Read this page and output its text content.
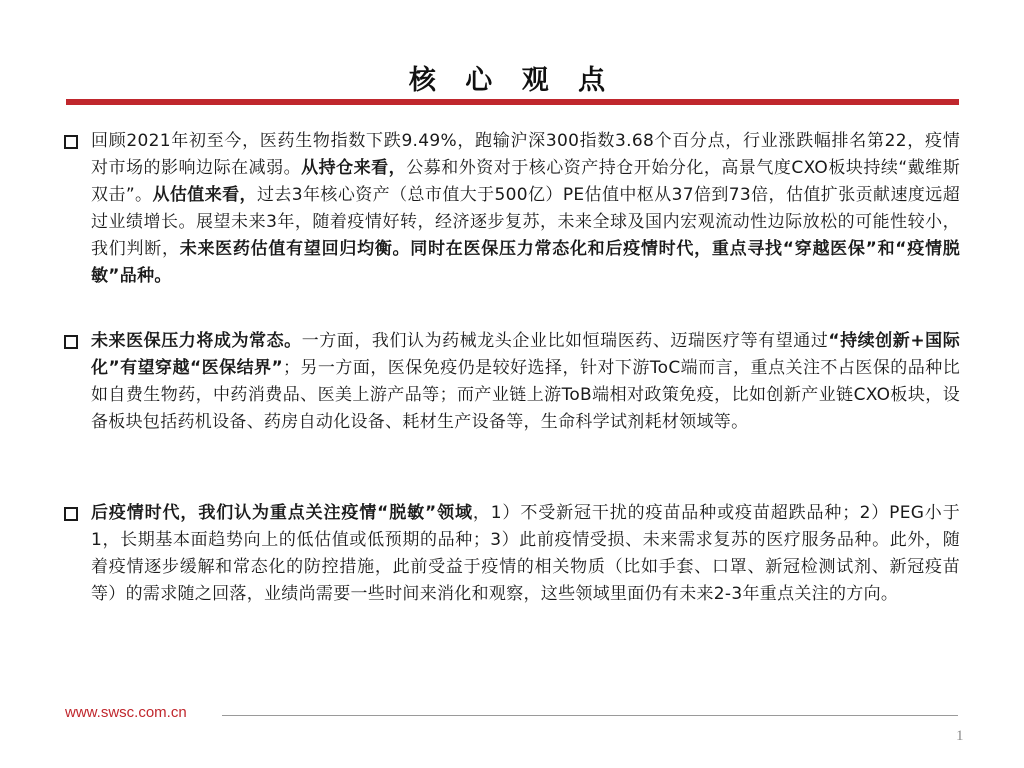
核 心 观 点
回顾2021年初至今，医药生物指数下跌9.49%，跑输沪深300指数3.68个百分点，行业涨跌幅排名第22，疫情对市场的影响边际在减弱。从持仓来看，公募和外资对于核心资产持仓开始分化，高景气度CXO板块持续“戴维斯双击”。从估值来看，过去3年核心资产（总市值大于500亿）PE估值中枢从37倍到73倍，估值扩张贡献速度远超过业绩增长。展望未来3年，随着疫情好转，经济逐步复苏，未来全球及国内宏观流动性边际放松的可能性较小，我们判断，未来医药估值有望回归均衡。同时在医保压力常态化和后疫情时代，重点寻找“穿越医保”和“疫情脱敏”品种。
未来医保压力将成为常态。一方面，我们认为药械龙头企业比如恒瑞医药、迈瑞医疗等有望通过“持续创新+国际化”有望穿越“医保结界”；另一方面，医保免疫仍是较好选择，针对下游ToC端而言，重点关注不占医保的品种比如自费生物药，中药消费品、医美上游产品等；而产业链上游ToB端相对政策免疫，比如创新产业链CXO板块，设备板块包括药机设备、药房自动化设备、耗材生产设备等，生命科学试剂耗材领域等。
后疫情时代，我们认为重点关注疫情“脱敏”领域，1）不受新冠干扰的疫苗品种或疫苗超跌品种；2）PEG小于1，长期基本面趋势向上的低估值或低预期的品种；3）此前疫情受损、未来需求复苏的医疗服务品种。此外，随着疫情逐步缓解和常态化的防控措施，此前受益于疫情的相关物质（比如手套、口罩、新冠检测试剂、新冠疫苗等）的需求随之回落，业绩尚需要一些时间来消化和观察，这些领域里面仍有未来2-3年重点关注的方向。
www.swsc.com.cn
1
